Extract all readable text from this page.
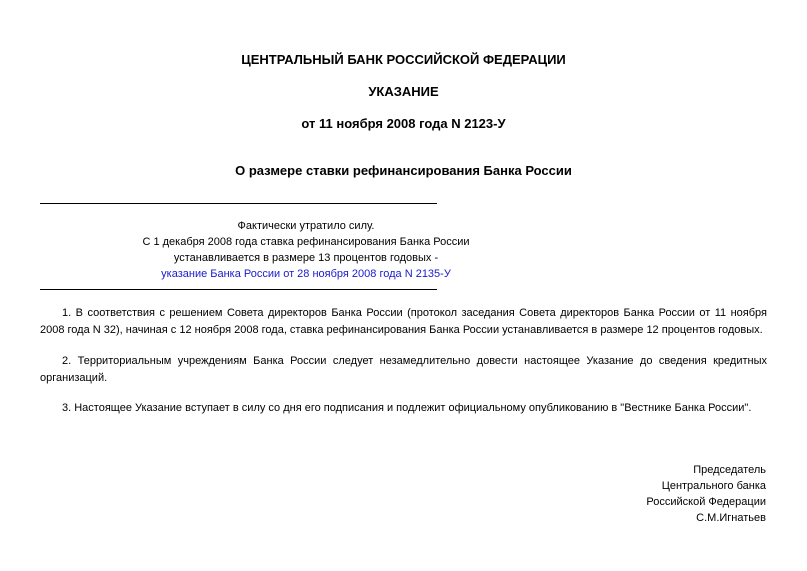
ЦЕНТРАЛЬНЫЙ БАНК РОССИЙСКОЙ ФЕДЕРАЦИИ
УКАЗАНИЕ
от 11 ноября 2008 года N 2123-У
О размере ставки рефинансирования Банка России
Фактически утратило силу.
С 1 декабря 2008 года ставка рефинансирования Банка России
устанавливается в размере 13 процентов годовых -
указание Банка России от 28 ноября 2008 года N 2135-У
1. В соответствия с решением Совета директоров Банка России (протокол заседания Совета директоров Банка России от 11 ноября 2008 года N 32), начиная с 12 ноября 2008 года, ставка рефинансирования Банка России устанавливается в размере 12 процентов годовых.
2. Территориальным учреждениям Банка России следует незамедлительно довести настоящее Указание до сведения кредитных организаций.
3. Настоящее Указание вступает в силу со дня его подписания и подлежит официальному опубликованию в "Вестнике Банка России".
Председатель
Центрального банка
Российской Федерации
С.М.Игнатьев
